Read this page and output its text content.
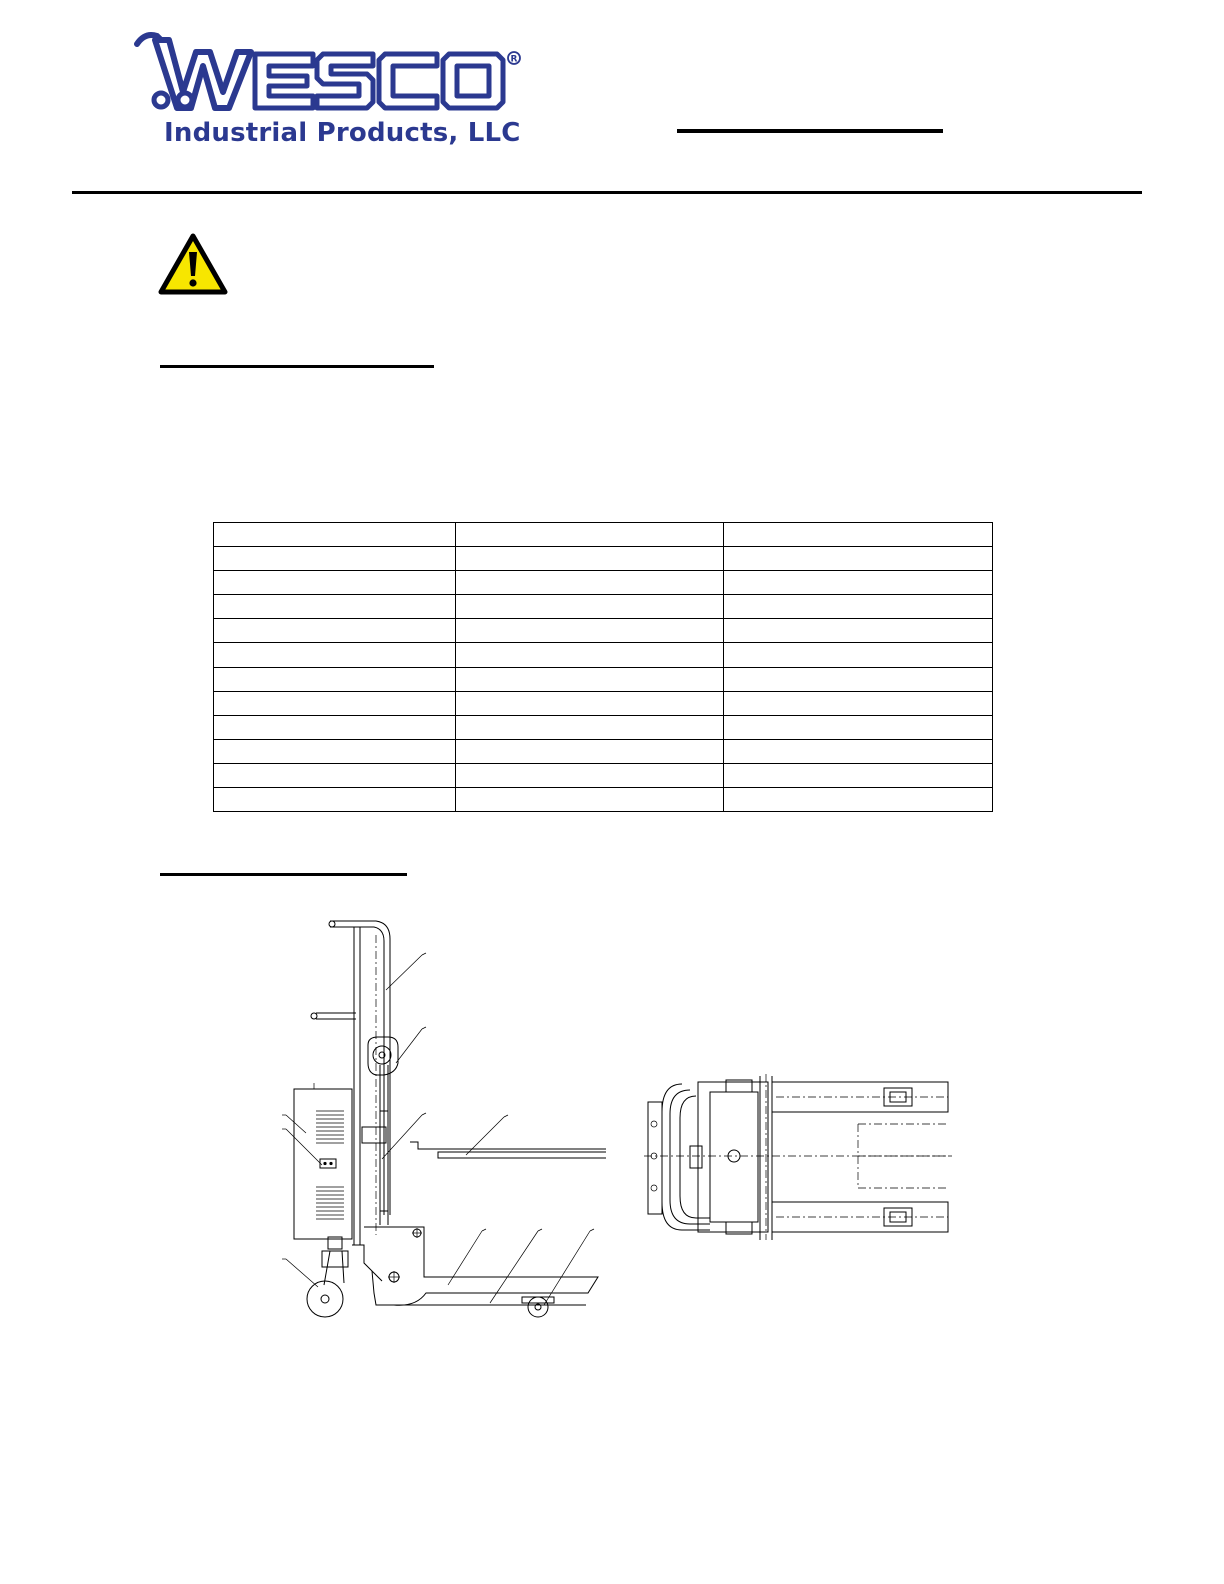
R
Industrial Products, LLC
